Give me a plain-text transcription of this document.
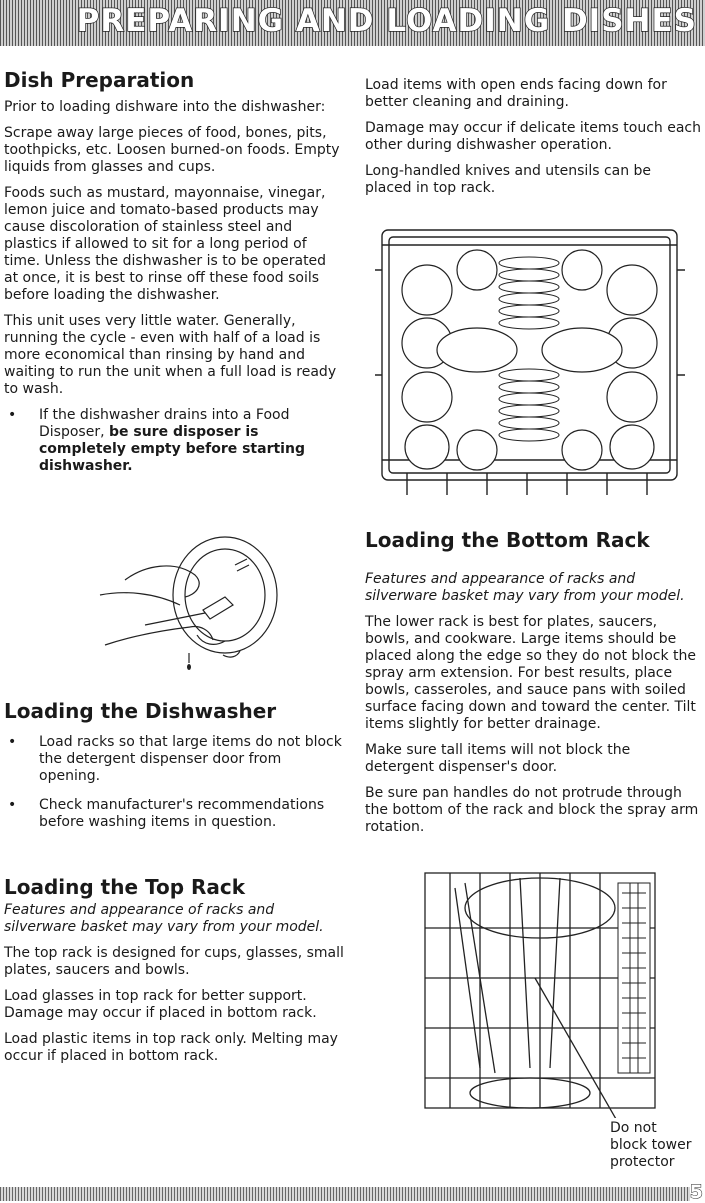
PREPARING AND LOADING DISHES
Dish Preparation

Prior to loading dishware into the dishwasher:

Scrape away large pieces of food, bones, pits, toothpicks, etc. Loosen burned-on foods. Empty liquids from glasses and cups.

Foods such as mustard, mayonnaise, vinegar, lemon juice and tomato-based products may cause discoloration of stainless steel and plastics if allowed to sit for a long period of time. Unless the dishwasher is to be operated at once, it is best to rinse off these food soils before loading the dishwasher.

This unit uses very little water. Generally, running the cycle - even with half of a load is more economical than rinsing by hand and waiting to run the unit when a full load is ready to wash.

• If the dishwasher drains into a Food Disposer, be sure disposer is completely empty before starting dishwasher.
Loading the Dishwasher
• Load racks so that large items do not block the detergent dispenser door from opening.
• Check manufacturer's recommendations before washing items in question.
Loading the Top Rack

Features and appearance of racks and silverware basket may vary from your model.

The top rack is designed for cups, glasses, small plates, saucers and bowls.

Load glasses in top rack for better support. Damage may occur if placed in bottom rack.

Load plastic items in top rack only. Melting may occur if placed in bottom rack.

Load items with open ends facing down for better cleaning and draining.

Damage may occur if delicate items touch each other during dishwasher operation.

Long-handled knives and utensils can be placed in top rack.

Loading the Bottom Rack

Features and appearance of racks and silverware basket may vary from your model.

The lower rack is best for plates, saucers, bowls, and cookware. Large items should be placed along the edge so they do not block the spray arm extension. For best results, place bowls, casseroles, and sauce pans with soiled surface facing down and toward the center. Tilt items slightly for better drainage.

Make sure tall items will not block the detergent dispenser's door.

Be sure pan handles do not protrude through the bottom of the rack and block the spray arm rotation.

Do not
block tower
protector
5
